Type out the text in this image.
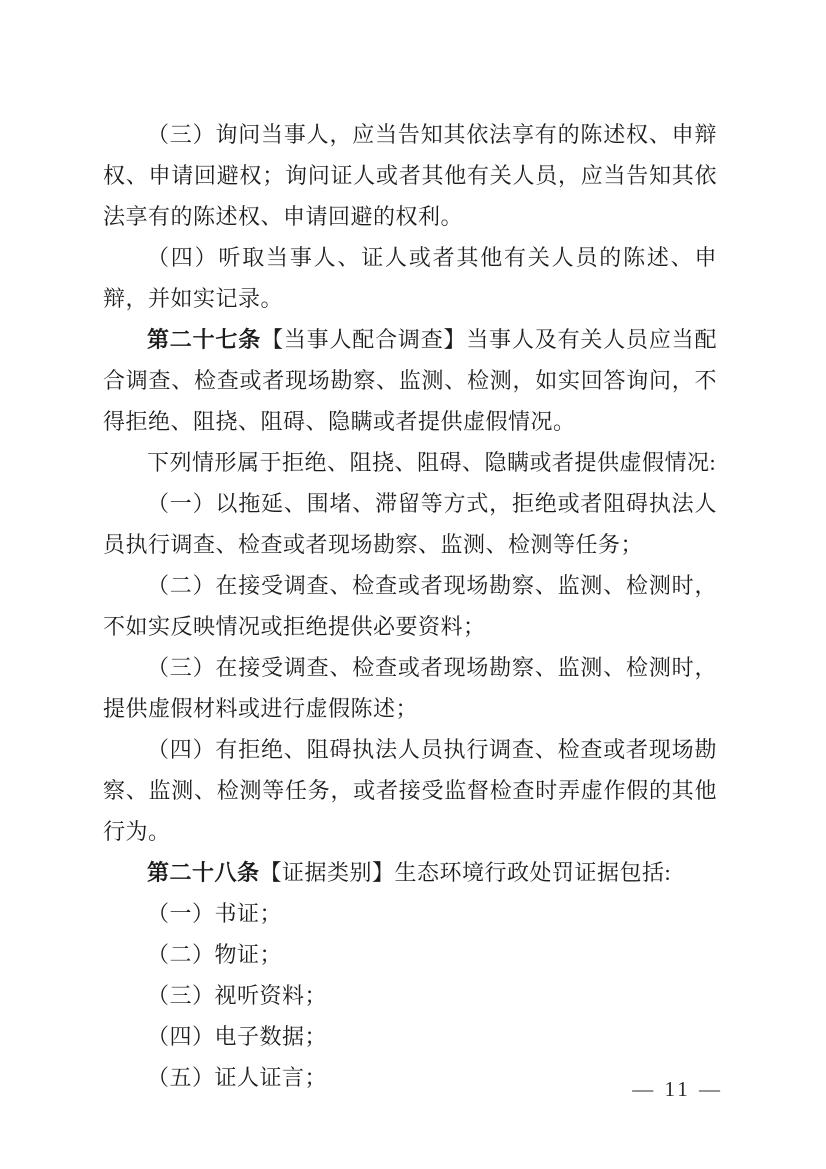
（三）询问当事人，应当告知其依法享有的陈述权、申辩权、申请回避权；询问证人或者其他有关人员，应当告知其依法享有的陈述权、申请回避的权利。

（四）听取当事人、证人或者其他有关人员的陈述、申辩，并如实记录。

第二十七条【当事人配合调查】当事人及有关人员应当配合调查、检查或者现场勘察、监测、检测，如实回答询问，不得拒绝、阻挠、阻碍、隐瞒或者提供虚假情况。

下列情形属于拒绝、阻挠、阻碍、隐瞒或者提供虚假情况:

（一）以拖延、围堵、滞留等方式，拒绝或者阻碍执法人员执行调查、检查或者现场勘察、监测、检测等任务；

（二）在接受调查、检查或者现场勘察、监测、检测时，不如实反映情况或拒绝提供必要资料；

（三）在接受调查、检查或者现场勘察、监测、检测时，提供虚假材料或进行虚假陈述；

（四）有拒绝、阻碍执法人员执行调查、检查或者现场勘察、监测、检测等任务，或者接受监督检查时弄虚作假的其他行为。

第二十八条【证据类别】生态环境行政处罚证据包括:

（一）书证；

（二）物证；

（三）视听资料；

（四）电子数据；

（五）证人证言；	— 11 —
